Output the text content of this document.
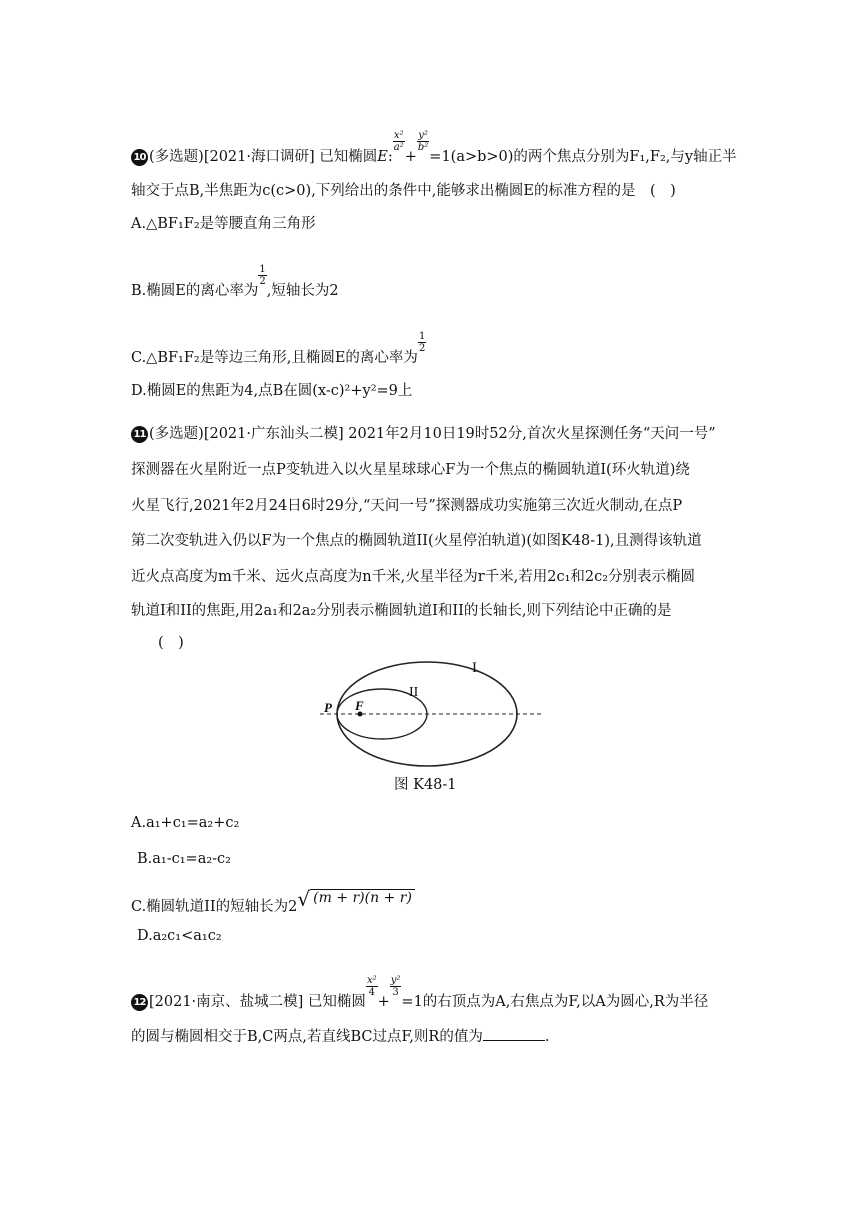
10 (多选题)[2021·海口调研] 已知椭圆E:
$\frac{\text{x²}}{\text{a²}}$
+
$\frac{\text{y²}}{\text{b²}}$
=1(a>b>0)的两个焦点分别为F₁,F₂,与y轴正半
轴交于点B,半焦距为c(c>0),下列给出的条件中,能够求出椭圆E的标准方程的是　(　)
A.△BF₁F₂是等腰直角三角形
B.椭圆E的离心率为
$\frac{1}{2}$
,短轴长为2
C.△BF₁F₂是等边三角形,且椭圆E的离心率为
$\frac{1}{2}$
D.椭圆E的焦距为4,点B在圆(x-c)²+y²=9上
11 (多选题)[2021·广东汕头二模] 2021年2月10日19时52分,首次火星探测任务“天问一号”
探测器在火星附近一点P变轨进入以火星星球球心F为一个焦点的椭圆轨道I(环火轨道)绕
火星飞行,2021年2月24日6时29分,“天问一号”探测器成功实施第三次近火制动,在点P
第二次变轨进入仍以F为一个焦点的椭圆轨道II(火星停泊轨道)(如图K48-1),且测得该轨道
近火点高度为m千米、远火点高度为n千米,火星半径为r千米,若用2c₁和2c₂分别表示椭圆
轨道I和II的焦距,用2a₁和2a₂分别表示椭圆轨道I和II的长轴长,则下列结论中正确的是
(　)
I
II
P F
图 K48-1
A.a₁+c₁=a₂+c₂
B.a₁-c₁=a₂-c₂
C.椭圆轨道II的短轴长为2√ (m + r)(n + r)
D.a₂c₁<a₁c₂
12 [2021·南京、盐城二模] 已知椭圆
$\frac{\text{x²}}{4}$
+
$\frac{\text{y²}}{3}$
=1的右顶点为A,右焦点为F,以A为圆心,R为半径
的圆与椭圆相交于B,C两点,若直线BC过点F,则R的值为	.
